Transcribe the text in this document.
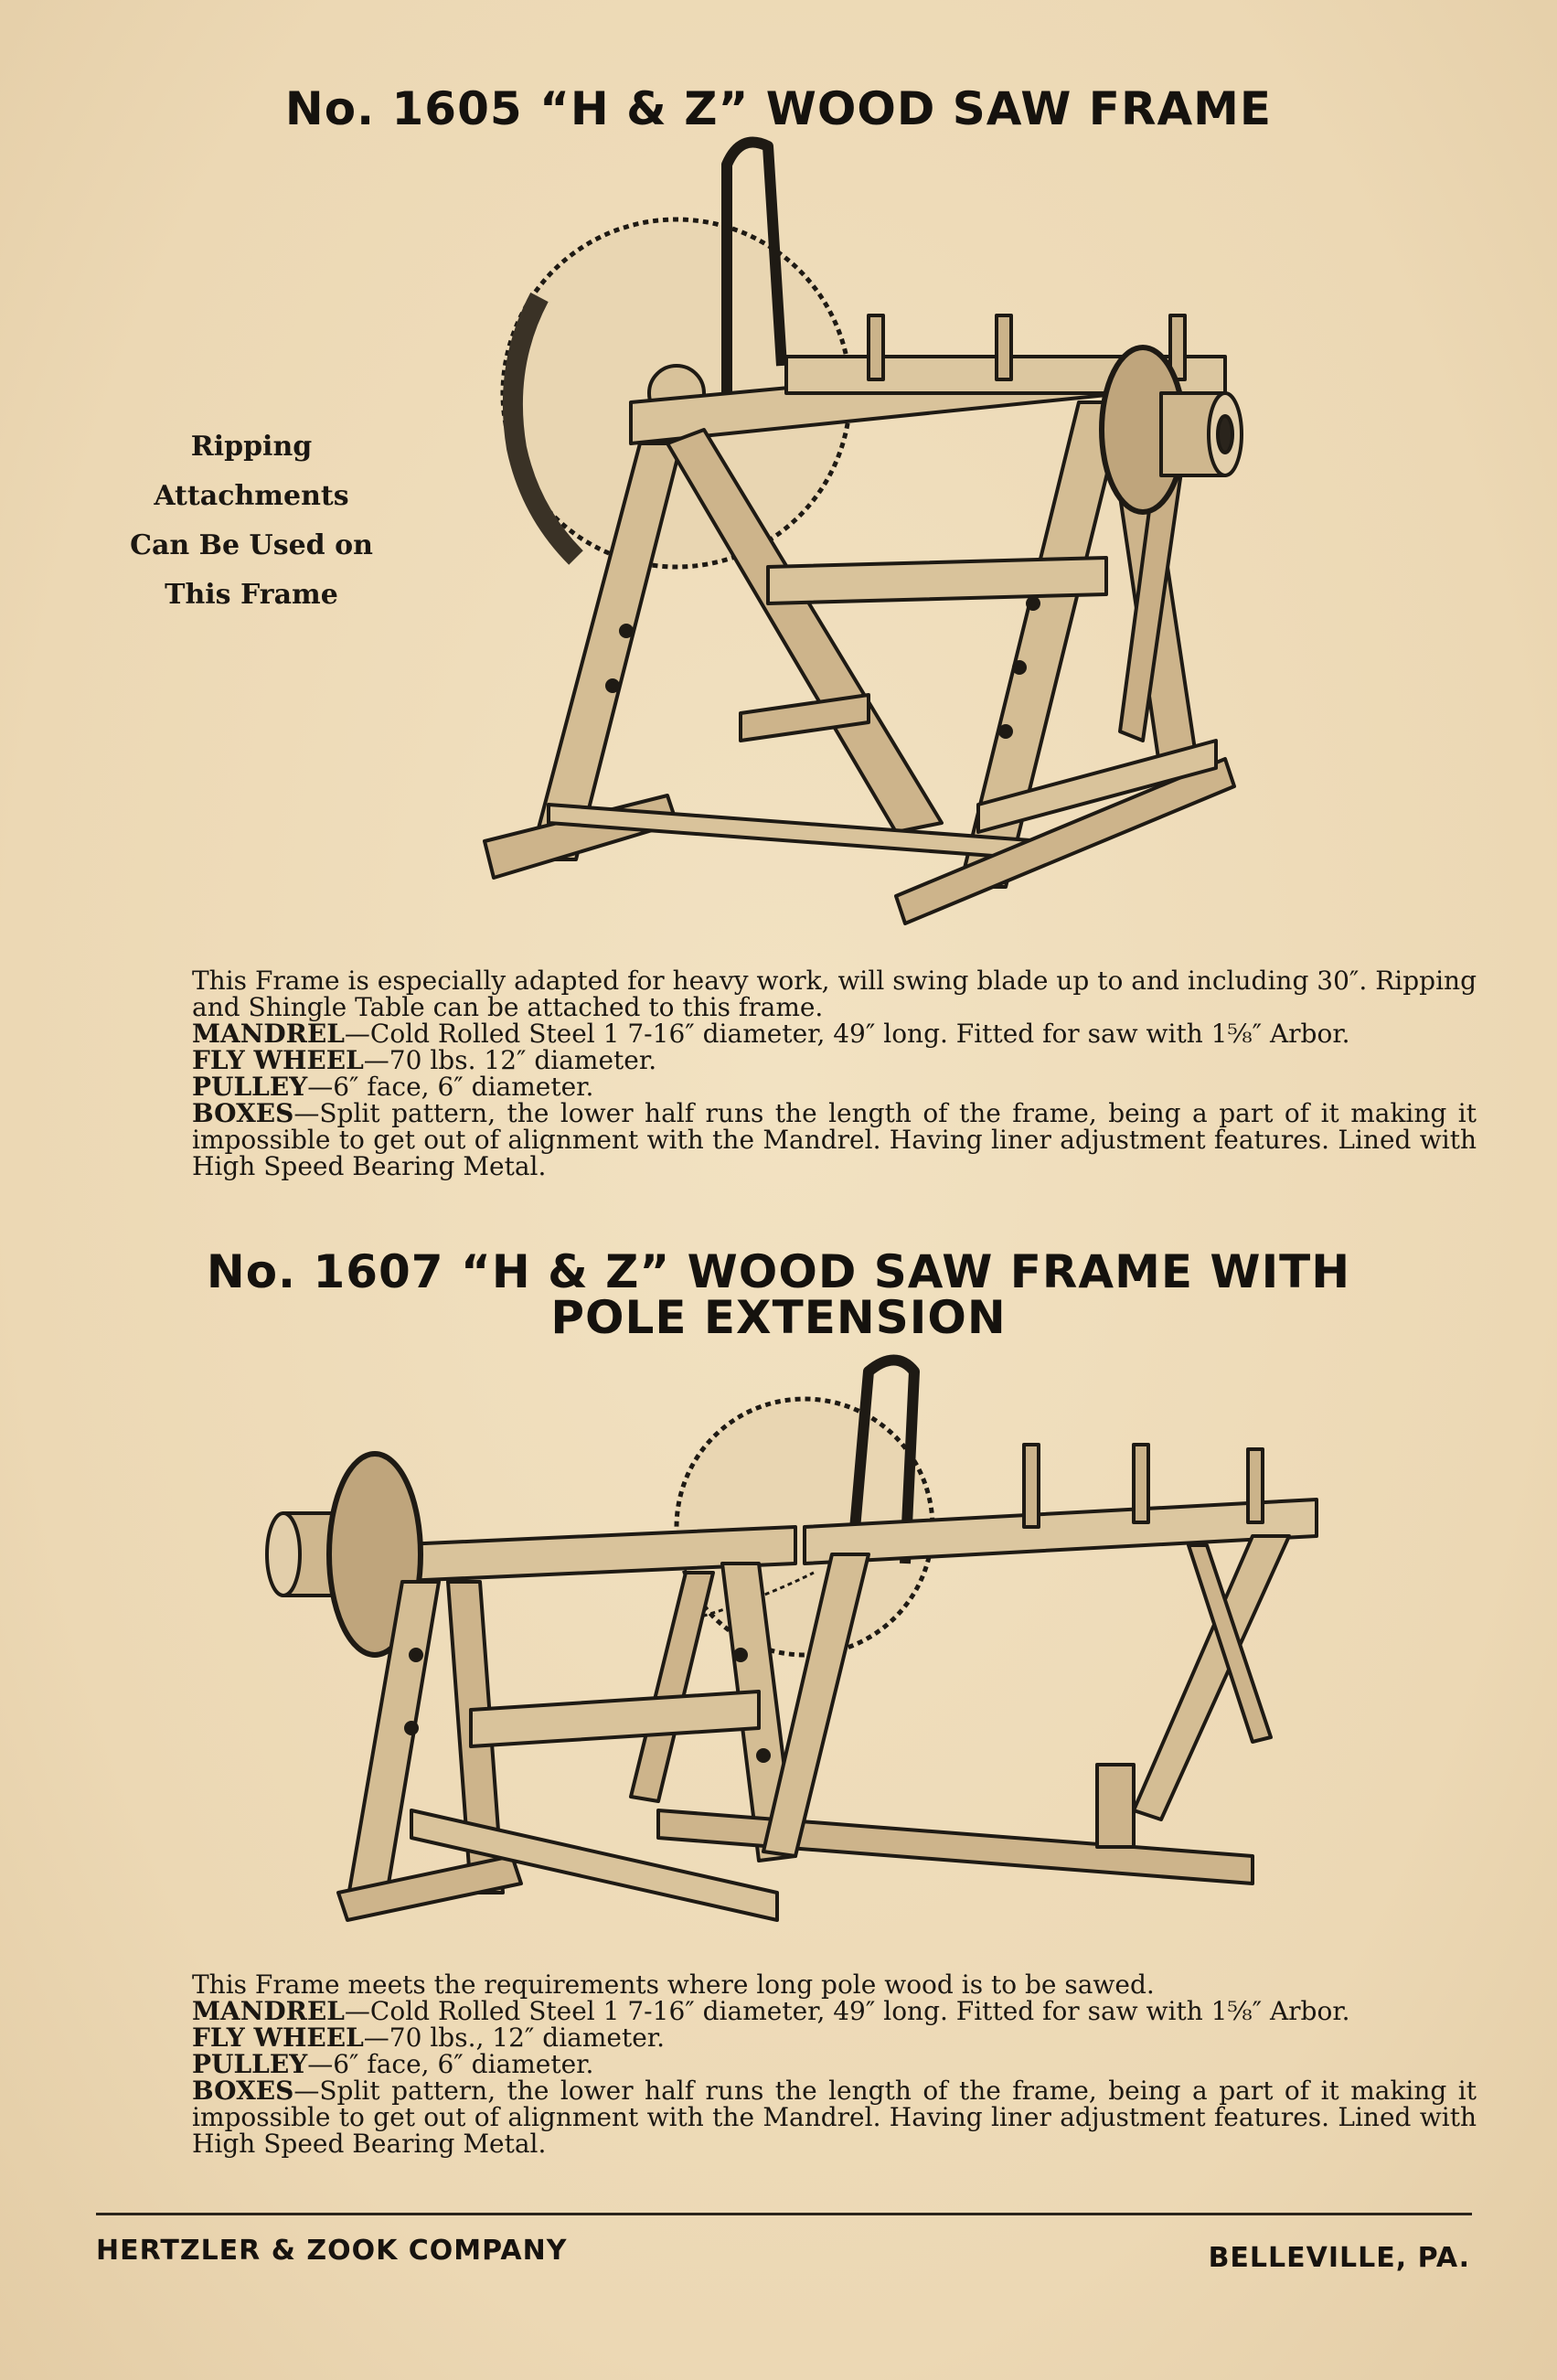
No. 1605 “H & Z” WOOD SAW FRAME
Ripping
Attachments
Can Be Used on
This Frame

This Frame is especially adapted for heavy work, will swing blade up to and including 30″. Ripping and Shingle Table can be attached to this frame.

MANDREL—Cold Rolled Steel 1 7-16″ diameter, 49″ long. Fitted for saw with 1⅝″ Arbor.

FLY WHEEL—70 lbs. 12″ diameter.

PULLEY—6″ face, 6″ diameter.

BOXES—Split pattern, the lower half runs the length of the frame, being a part of it making it impossible to get out of alignment with the Mandrel. Having liner adjustment features. Lined with High Speed Bearing Metal.

No. 1607 “H & Z” WOOD SAW FRAME WITH
POLE EXTENSION

This Frame meets the requirements where long pole wood is to be sawed.

MANDREL—Cold Rolled Steel 1 7-16″ diameter, 49″ long. Fitted for saw with 1⅝″ Arbor.

FLY WHEEL—70 lbs., 12″ diameter.

PULLEY—6″ face, 6″ diameter.

BOXES—Split pattern, the lower half runs the length of the frame, being a part of it making it impossible to get out of alignment with the Mandrel. Having liner adjustment features. Lined with High Speed Bearing Metal.

HERTZLER & ZOOK COMPANY	BELLEVILLE, PA.
